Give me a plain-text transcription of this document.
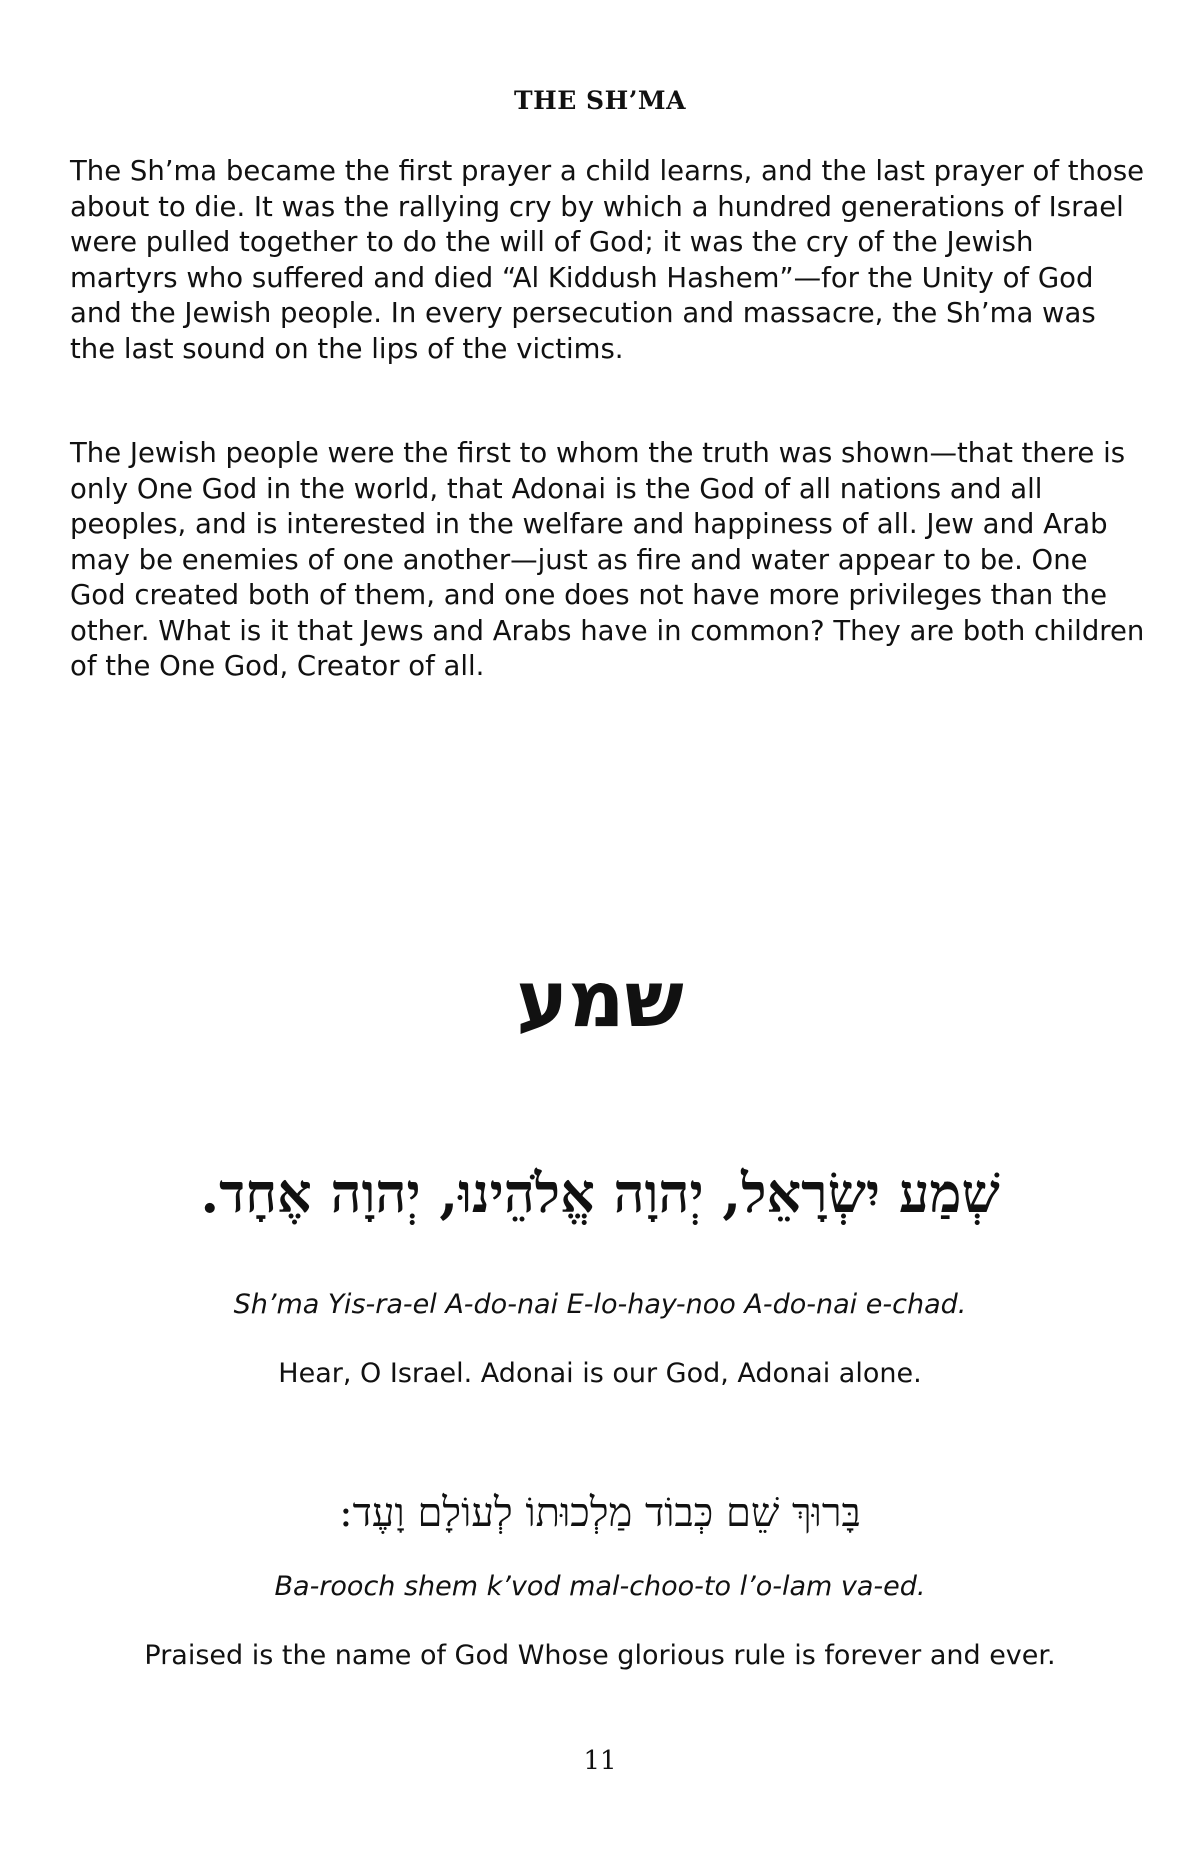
THE SH’MA

The Sh’ma became the first prayer a child learns, and the last prayer of those about to die. It was the rallying cry by which a hundred generations of Israel were pulled together to do the will of God; it was the cry of the Jewish martyrs who suffered and died “Al Kiddush Hashem”—for the Unity of God and the Jewish people. In every persecution and massacre, the Sh’ma was the last sound on the lips of the victims.

The Jewish people were the first to whom the truth was shown—that there is only One God in the world, that Adonai is the God of all nations and all peoples, and is interested in the welfare and happiness of all. Jew and Arab may be enemies of one another—just as fire and water appear to be. One God created both of them, and one does not have more privileges than the other. What is it that Jews and Arabs have in common? They are both children of the One God, Creator of all.

שמע
שְׁמַע יִשְׂרָאֵל, יְהוָה אֱלֹהֵינוּ, יְהוָה אֶחָד.
Sh’ma Yis-ra-el A-do-nai E-lo-hay-noo A-do-nai e-chad.
Hear, O Israel. Adonai is our God, Adonai alone.
בָּרוּךְ שֵׁם כְּבוֹד מַלְכוּתוֹ לְעוֹלָם וָעֶד:
Ba-rooch shem k’vod mal-choo-to l’o-lam va-ed.
Praised is the name of God Whose glorious rule is forever and ever.
11
